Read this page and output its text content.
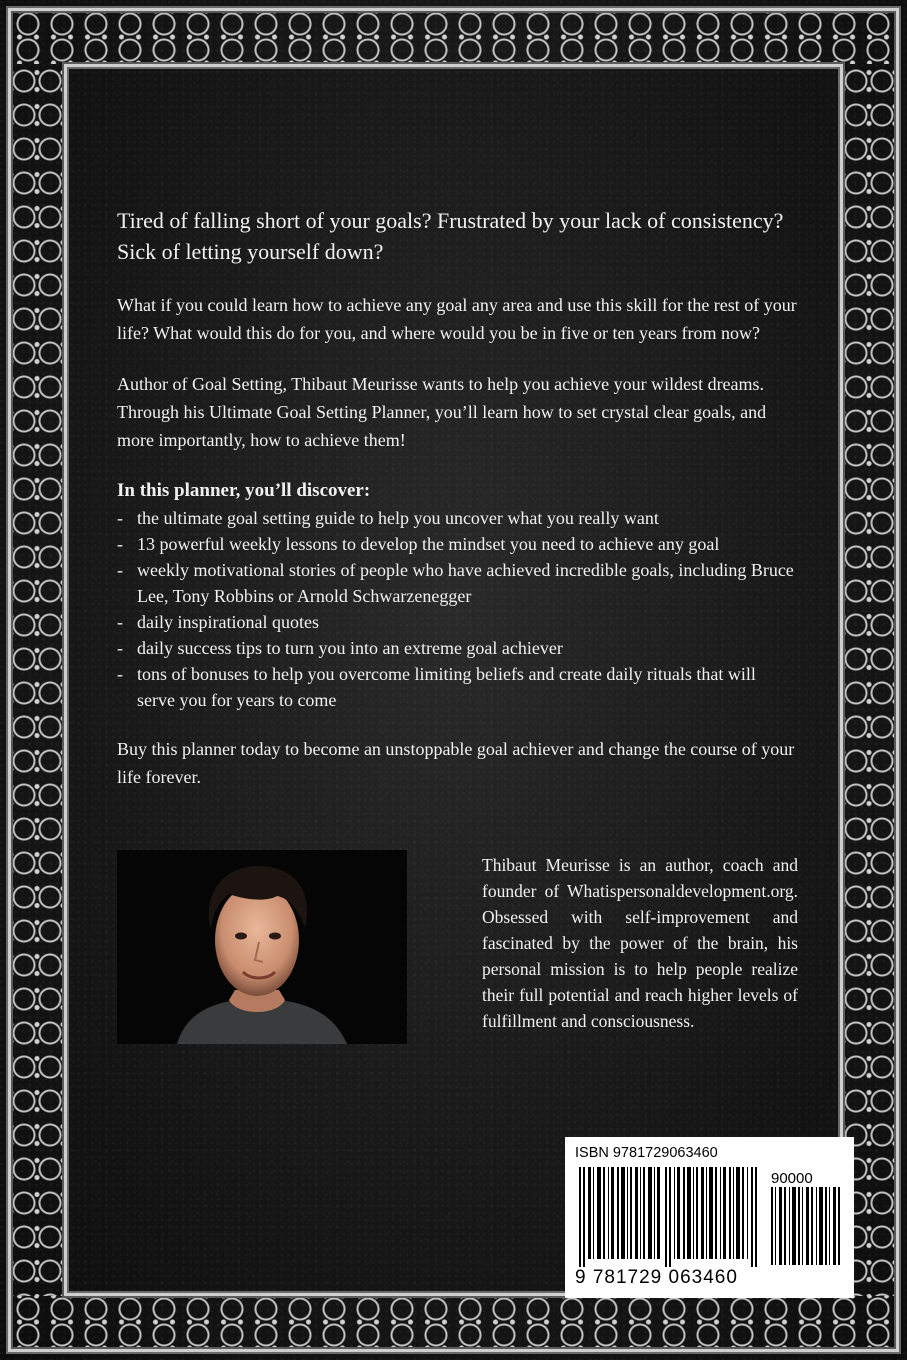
Tired of falling short of your goals? Frustrated by your lack of consistency? Sick of letting yourself down?

What if you could learn how to achieve any goal any area and use this skill for the rest of your life? What would this do for you, and where would you be in five or ten years from now?

Author of Goal Setting, Thibaut Meurisse wants to help you achieve your wildest dreams. Through his Ultimate Goal Setting Planner, you’ll learn how to set crystal clear goals, and more importantly, how to achieve them!

In this planner, you’ll discover:

- the ultimate goal setting guide to help you uncover what you really want
- 13 powerful weekly lessons to develop the mindset you need to achieve any goal
- weekly motivational stories of people who have achieved incredible goals, including Bruce Lee, Tony Robbins or Arnold Schwarzenegger
- daily inspirational quotes
- daily success tips to turn you into an extreme goal achiever
- tons of bonuses to help you overcome limiting beliefs and create daily rituals that will serve you for years to come

Buy this planner today to become an unstoppable goal achiever and change the course of your life forever.

Thibaut Meurisse is an author, coach and founder of Whatispersonaldevelopment.org. Obsessed with self-improvement and fascinated by the power of the brain, his personal mission is to help people realize their full potential and reach higher levels of fulfillment and consciousness.
ISBN 9781729063460
90000
9 781729 063460
